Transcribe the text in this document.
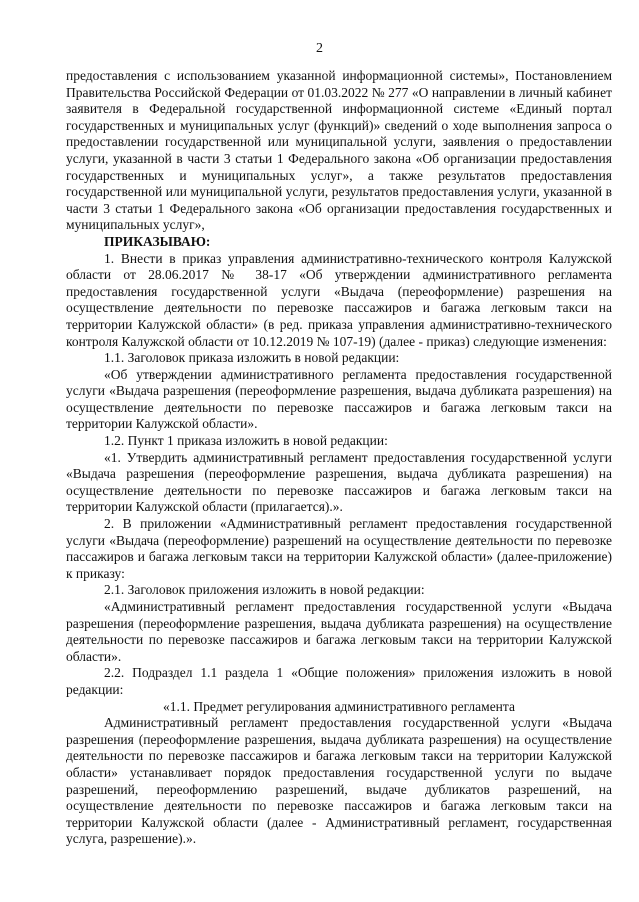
2

предоставления с использованием указанной информационной системы», Постановлением Правительства Российской Федерации от 01.03.2022 № 277 «О направлении в личный кабинет заявителя в Федеральной государственной информационной системе «Единый портал государственных и муниципальных услуг (функций)» сведений о ходе выполнения запроса о предоставлении государственной или муниципальной услуги, заявления о предоставлении услуги, указанной в части 3 статьи 1 Федерального закона «Об организации предоставления государственных и муниципальных услуг», а также результатов предоставления государственной или муниципальной услуги, результатов предоставления услуги, указанной в части 3 статьи 1 Федерального закона «Об организации предоставления государственных и муниципальных услуг»,

ПРИКАЗЫВАЮ:

1. Внести в приказ управления административно-технического контроля Калужской области от 28.06.2017 № 38-17 «Об утверждении административного регламента предоставления государственной услуги «Выдача (переоформление) разрешения на осуществление деятельности по перевозке пассажиров и багажа легковым такси на территории Калужской области» (в ред. приказа управления административно-технического контроля Калужской области от 10.12.2019 № 107-19) (далее - приказ) следующие изменения:

1.1. Заголовок приказа изложить в новой редакции:

«Об утверждении административного регламента предоставления государственной услуги «Выдача разрешения (переоформление разрешения, выдача дубликата разрешения) на осуществление деятельности по перевозке пассажиров и багажа легковым такси на территории Калужской области».

1.2. Пункт 1 приказа изложить в новой редакции:

«1. Утвердить административный регламент предоставления государственной услуги «Выдача разрешения (переоформление разрешения, выдача дубликата разрешения) на осуществление деятельности по перевозке пассажиров и багажа легковым такси на территории Калужской области (прилагается).».

2. В приложении «Административный регламент предоставления государственной услуги «Выдача (переоформление) разрешений на осуществление деятельности по перевозке пассажиров и багажа легковым такси на территории Калужской области» (далее-приложение) к приказу:

2.1. Заголовок приложения изложить в новой редакции:

«Административный регламент предоставления государственной услуги «Выдача разрешения (переоформление разрешения, выдача дубликата разрешения) на осуществление деятельности по перевозке пассажиров и багажа легковым такси на территории Калужской области».

2.2. Подраздел 1.1 раздела 1 «Общие положения» приложения изложить в новой редакции:

«1.1. Предмет регулирования административного регламента

Административный регламент предоставления государственной услуги «Выдача разрешения (переоформление разрешения, выдача дубликата разрешения) на осуществление деятельности по перевозке пассажиров и багажа легковым такси на территории Калужской области» устанавливает порядок предоставления государственной услуги по выдаче разрешений, переоформлению разрешений, выдаче дубликатов разрешений, на осуществление деятельности по перевозке пассажиров и багажа легковым такси на территории Калужской области (далее - Административный регламент, государственная услуга, разрешение).».
